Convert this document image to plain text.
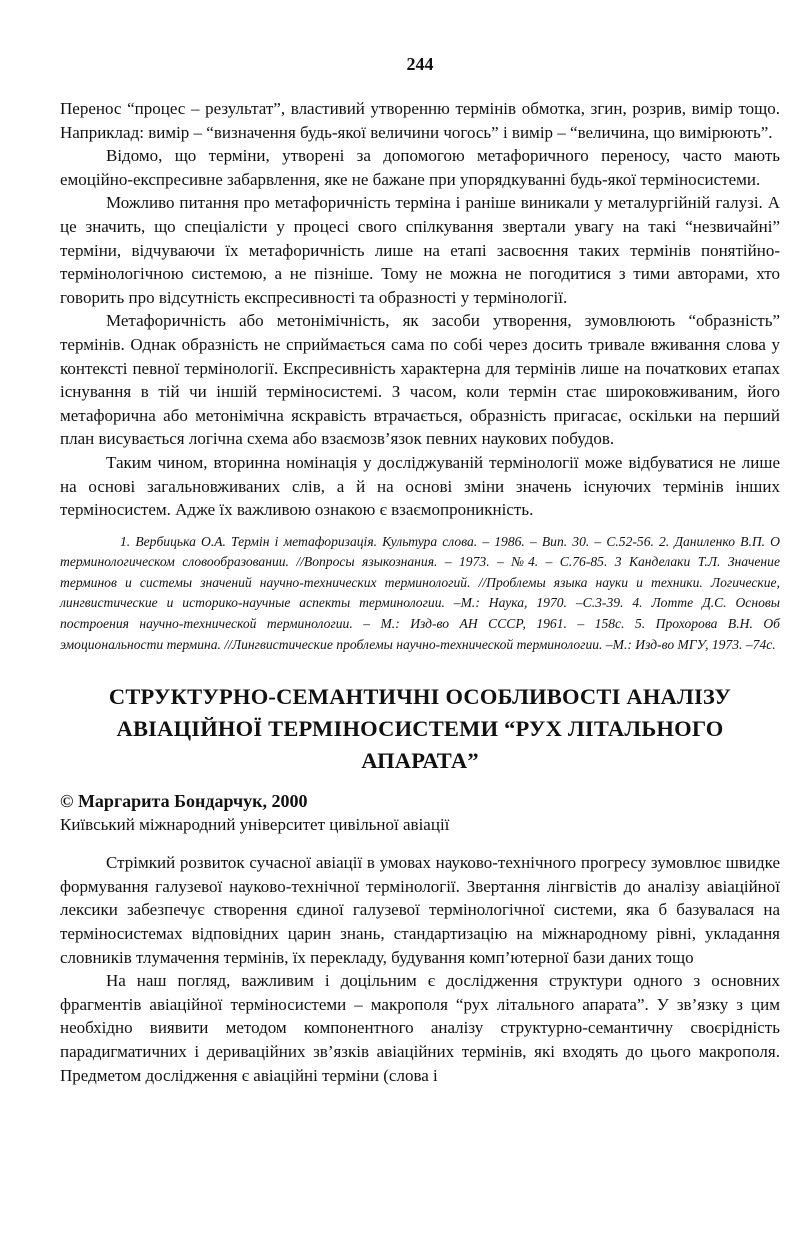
244

Перенос “процес – результат”, властивий утворенню термінів обмотка, згин, розрив, вимір тощо. Наприклад: вимір – “визначення будь-якої величини чогось” і вимір – “величина, що вимірюють”.

Відомо, що терміни, утворені за допомогою метафоричного переносу, часто мають емоційно-експресивне забарвлення, яке не бажане при упорядкуванні будь-якої терміносистеми.

Можливо питання про метафоричність терміна і раніше виникали у металургійній галузі. А це значить, що спеціалісти у процесі свого спілкування звертали увагу на такі “незвичайні” терміни, відчуваючи їх метафоричність лише на етапі засвоєння таких термінів понятійно-термінологічною системою, а не пізніше. Тому не можна не погодитися з тими авторами, хто говорить про відсутність експресивності та образності у термінології.

Метафоричність або метонімічність, як засоби утворення, зумовлюють “образність” термінів. Однак образність не сприймається сама по собі через досить тривале вживання слова у контексті певної термінології. Експресивність характерна для термінів лише на початкових етапах існування в тій чи іншій терміносистемі. З часом, коли термін стає широковживаним, його метафорична або метонімічна яскравість втрачається, образність пригасає, оскільки на перший план висувається логічна схема або взаємозв’язок певних наукових побудов.

Таким чином, вторинна номінація у досліджуваній термінології може відбуватися не лише на основі загальновживаних слів, а й на основі зміни значень існуючих термінів інших терміносистем. Адже їх важливою ознакою є взаємопроникність.

1. Вербицька О.А. Термін і метафоризація. Культура слова. – 1986. – Вип. 30. – С.52-56. 2. Даниленко В.П. О терминологическом словообразовании. //Вопросы языкознания. – 1973. – №4. – С.76-85. 3 Канделаки Т.Л. Значение терминов и системы значений научно-технических терминологий. //Проблемы языка науки и техники. Логические, лингвистические и историко-научные аспекты терминологии. –М.: Наука, 1970. –С.3-39. 4. Лотте Д.С. Основы построения научно-технической терминологии. – М.: Изд-во АН СССР, 1961. – 158с. 5. Прохорова В.Н. Об эмоциональности термина. //Лингвистические проблемы научно-технической терминологии. –М.: Изд-во МГУ, 1973. –74с.
СТРУКТУРНО-СЕМАНТИЧНІ ОСОБЛИВОСТІ АНАЛІЗУ АВІАЦІЙНОЇ ТЕРМІНОСИСТЕМИ “РУХ ЛІТАЛЬНОГО АПАРАТА”
© Маргарита Бондарчук, 2000
Київський міжнародний університет цивільної авіації

Стрімкий розвиток сучасної авіації в умовах науково-технічного прогресу зумовлює швидке формування галузевої науково-технічної термінології. Звертання лінгвістів до аналізу авіаційної лексики забезпечує створення єдиної галузевої термінологічної системи, яка б базувалася на терміносистемах відповідних царин знань, стандартизацію на міжнародному рівні, укладання словників тлумачення термінів, їх перекладу, будування комп’ютерної бази даних тощо

На наш погляд, важливим і доцільним є дослідження структури одного з основних фрагментів авіаційної терміносистеми – макрополя “рух літального апарата”. У зв’язку з цим необхідно виявити методом компонентного аналізу структурно-семантичну своєрідність парадигматичних і дериваційних зв’язків авіаційних термінів, які входять до цього макрополя. Предметом дослідження є авіаційні терміни (слова і
